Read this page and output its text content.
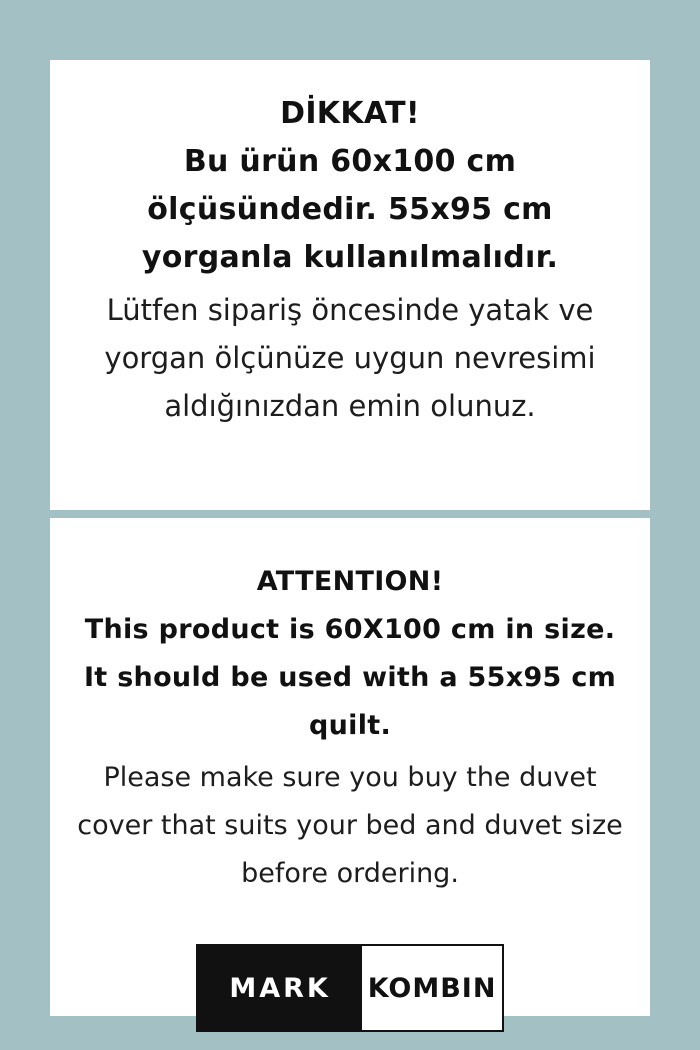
DİKKAT!

Bu ürün 60x100 cm ölçüsündedir. 55x95 cm yorganla kullanılmalıdır.

Lütfen sipariş öncesinde yatak ve yorgan ölçünüze uygun nevresimi aldığınızdan emin olunuz.

ATTENTION!

This product is 60X100 cm in size. It should be used with a 55x95 cm quilt.

Please make sure you buy the duvet cover that suits your bed and duvet size before ordering.

MARK	KOMBIN
